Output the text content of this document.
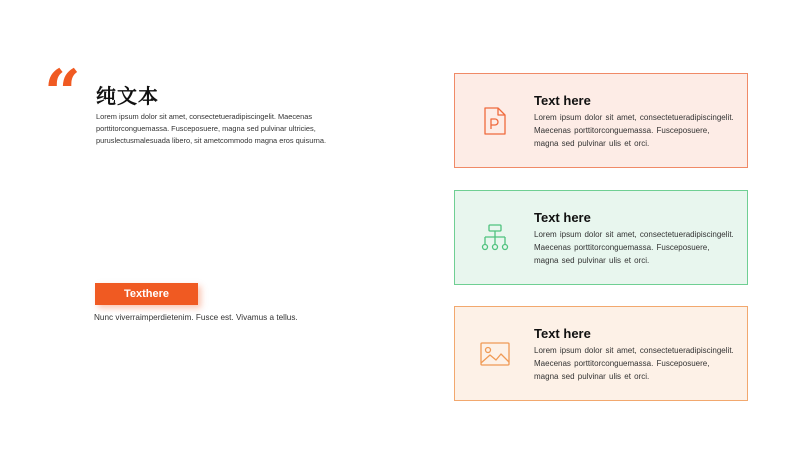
“ 纯文本
Lorem ipsum dolor sit amet, consectetueradipiscingelit. Maecenas porttitorconguemassa. Fusceposuere, magna sed pulvinar ultricies, puruslectusmalesuada libero, sit ametcommodo magna eros quisurna.
Texthere
Nunc viverraimperdietenim. Fusce est. Vivamus a tellus.
Text here
Lorem ipsum dolor sit amet, consectetueradipiscingelit. Maecenas porttitorconguemassa. Fusceposuere, magna sed pulvinar ulis et orci.
Text here
Lorem ipsum dolor sit amet, consectetueradipiscingelit. Maecenas porttitorconguemassa. Fusceposuere, magna sed pulvinar ulis et orci.
Text here
Lorem ipsum dolor sit amet, consectetueradipiscingelit. Maecenas porttitorconguemassa. Fusceposuere, magna sed pulvinar ulis et orci.
